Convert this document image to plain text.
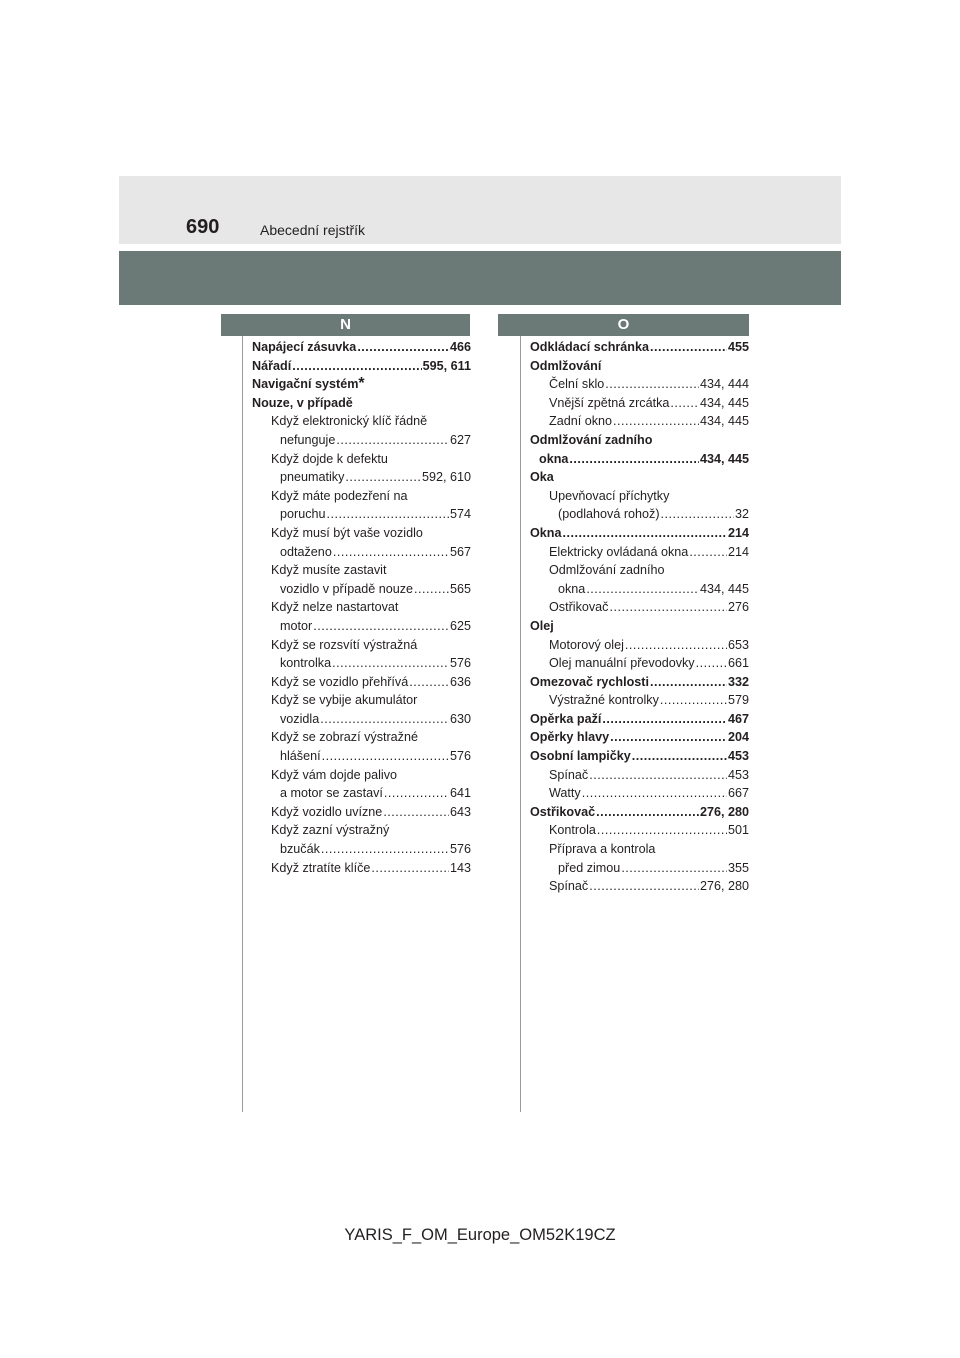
690	Abecední rejstřík
N	O
Napájecí zásuvka .....	466
Nářadí .....	595, 611
Navigační systém *
Nouze, v případě
Když elektronický klíč řádně
nefunguje .....	627
Když dojde k defektu
pneumatiky .....	592, 610
Když máte podezření na
poruchu .....	574
Když musí být vaše vozidlo
odtaženo .....	567
Když musíte zastavit
vozidlo v případě nouze .....	565
Když nelze nastartovat
motor .....	625
Když se rozsvítí výstražná
kontrolka .....	576
Když se vozidlo přehřívá .....	636
Když se vybije akumulátor
vozidla .....	630
Když se zobrazí výstražné
hlášení .....	576
Když vám dojde palivo
a motor se zastaví .....	641
Když vozidlo uvízne .....	643
Když zazní výstražný
bzučák .....	576
Když ztratíte klíče .....	143
Odkládací schránka .....	455
Odmlžování
Čelní sklo .....	434, 444
Vnější zpětná zrcátka ..... 434, 445
Zadní okno .....	434, 445
Odmlžování zadního
okna .....	434, 445
Oka
Upevňovací příchytky
(podlahová rohož) .....	32
Okna .....	214
Elektricky ovládaná okna .....	214
Odmlžování zadního
okna .....	434, 445
Ostřikovač .....	276
Olej
Motorový olej .....	653
Olej manuální převodovky .....	661
Omezovač rychlosti .....	332
Výstražné kontrolky .....	579
Opěrka paží .....	467
Opěrky hlavy .....	204
Osobní lampičky .....	453
Spínač .....	453
Watty .....	667
Ostřikovač .....	276, 280
Kontrola .....	501
Příprava a kontrola
před zimou .....	355
Spínač .....	276, 280
YARIS_F_OM_Europe_OM52K19CZ
